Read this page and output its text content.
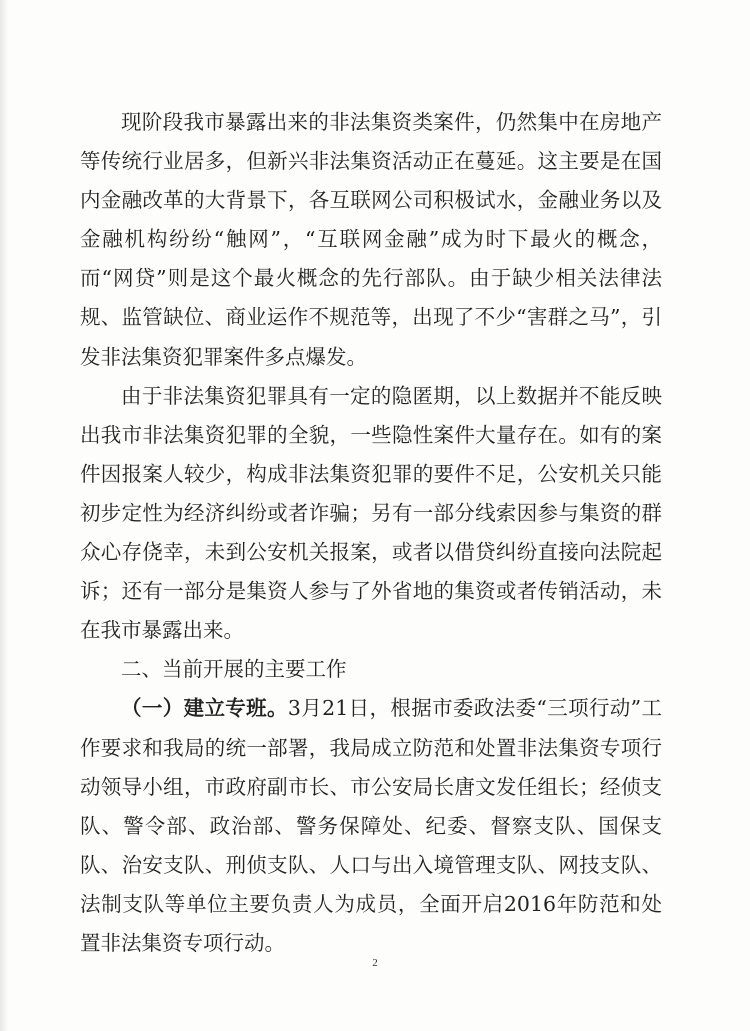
现阶段我市暴露出来的非法集资类案件，仍然集中在房地产等传统行业居多，但新兴非法集资活动正在蔓延。这主要是在国内金融改革的大背景下，各互联网公司积极试水，金融业务以及金融机构纷纷“触网”，“互联网金融”成为时下最火的概念，而“网贷”则是这个最火概念的先行部队。由于缺少相关法律法规、监管缺位、商业运作不规范等，出现了不少“害群之马”，引发非法集资犯罪案件多点爆发。

由于非法集资犯罪具有一定的隐匿期，以上数据并不能反映出我市非法集资犯罪的全貌，一些隐性案件大量存在。如有的案件因报案人较少，构成非法集资犯罪的要件不足，公安机关只能初步定性为经济纠纷或者诈骗；另有一部分线索因参与集资的群众心存侥幸，未到公安机关报案，或者以借贷纠纷直接向法院起诉；还有一部分是集资人参与了外省地的集资或者传销活动，未在我市暴露出来。

二、当前开展的主要工作

（一）建立专班。3月21日，根据市委政法委“三项行动”工作要求和我局的统一部署，我局成立防范和处置非法集资专项行动领导小组，市政府副市长、市公安局长唐文发任组长；经侦支队、警令部、政治部、警务保障处、纪委、督察支队、国保支队、治安支队、刑侦支队、人口与出入境管理支队、网技支队、法制支队等单位主要负责人为成员，全面开启2016年防范和处置非法集资专项行动。

2
